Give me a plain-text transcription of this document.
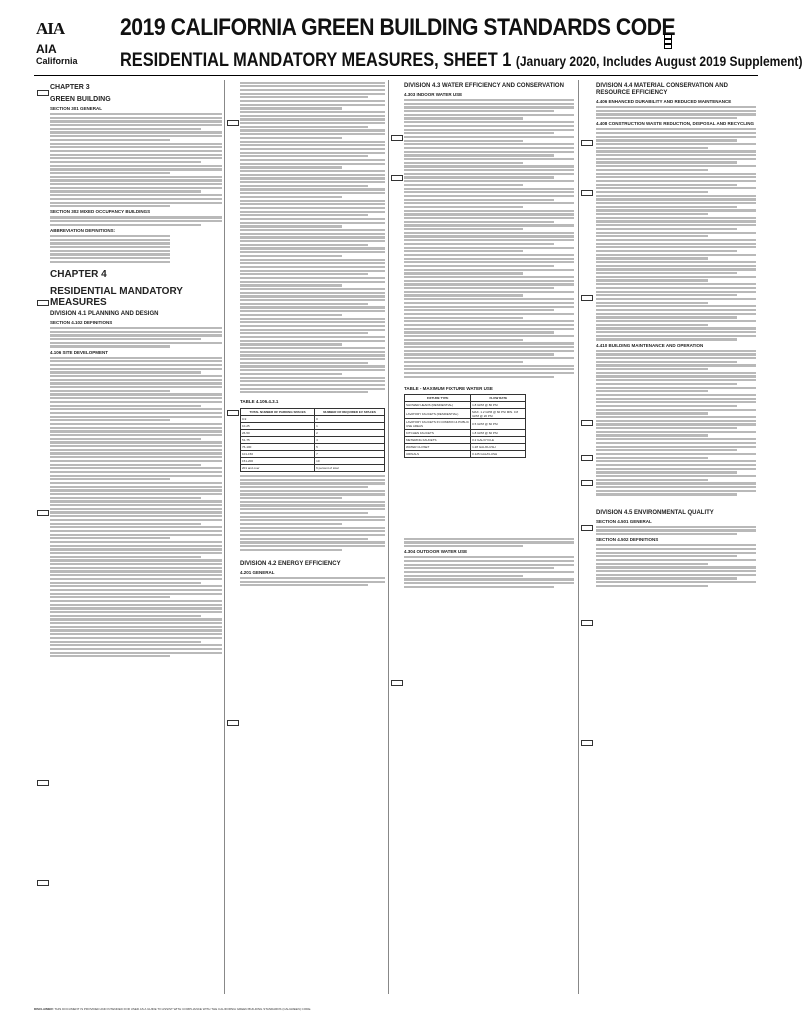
AIA
AIA
California
2019 CALIFORNIA GREEN BUILDING STANDARDS CODE
RESIDENTIAL MANDATORY MEASURES, SHEET 1 (January 2020, Includes August 2019 Supplement)
CHAPTER 3
GREEN BUILDING
SECTION 301 GENERAL
SECTION 302 MIXED OCCUPANCY BUILDINGS
ABBREVIATION DEFINITIONS:
CHAPTER 4
RESIDENTIAL MANDATORY MEASURES
DIVISION 4.1 PLANNING AND DESIGN
SECTION 4.102 DEFINITIONS
4.106 SITE DEVELOPMENT
TABLE 4.106.4.3.1
TOTAL NUMBER OF PARKING SPACES	NUMBER OF REQUIRED EV SPACES
0-9	0
10-25	1
26-50	2
51-75	4
76-100	5
101-150	7
151-200	10
201 and over	6 percent of total
DIVISION 4.2 ENERGY EFFICIENCY
4.201 GENERAL
DIVISION 4.3 WATER EFFICIENCY AND CONSERVATION
4.303 INDOOR WATER USE
TABLE - MAXIMUM FIXTURE WATER USE
FIXTURE TYPE	FLOW RATE
SHOWER HEADS (RESIDENTIAL)	1.8 GPM @ 80 PSI
LAVATORY FAUCETS (RESIDENTIAL)	MAX. 1.2 GPM @ 60 PSI MIN. 0.8 GPM @ 20 PSI
LAVATORY FAUCETS IN COMMON & PUBLIC USE AREAS	0.5 GPM @ 60 PSI
KITCHEN FAUCETS	1.8 GPM @ 60 PSI
METERING FAUCETS	0.2 GAL/CYCLE
WATER CLOSET	1.28 GAL/FLUSH
URINALS	0.125 GAL/FLUSH
4.304 OUTDOOR WATER USE
DIVISION 4.4 MATERIAL CONSERVATION AND RESOURCE EFFICIENCY
4.406 ENHANCED DURABILITY AND REDUCED MAINTENANCE
4.408 CONSTRUCTION WASTE REDUCTION, DISPOSAL AND RECYCLING
4.410 BUILDING MAINTENANCE AND OPERATION
DIVISION 4.5 ENVIRONMENTAL QUALITY
SECTION 4.501 GENERAL
SECTION 4.502 DEFINITIONS
DISCLAIMER: THIS DOCUMENT IS PROVIDED AND INTENDED FOR USED AS A GUIDE TO ASSIST WITH COMPLIANCE WITH THE CALIFORNIA GREEN BUILDING STANDARDS (CALGREEN) CODE.
